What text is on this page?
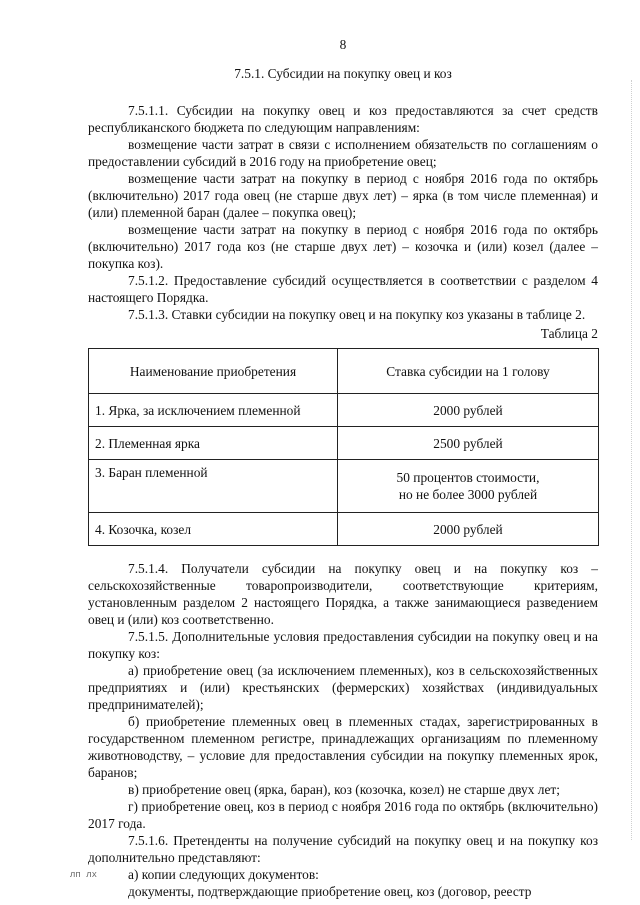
8
7.5.1. Субсидии на покупку овец и коз

7.5.1.1. Субсидии на покупку овец и коз предоставляются за счет средств республиканского бюджета по следующим направлениям:

возмещение части затрат в связи с исполнением обязательств по соглашениям о предоставлении субсидий в 2016 году на приобретение овец;

возмещение части затрат на покупку в период с ноября 2016 года по октябрь (включительно) 2017 года овец (не старше двух лет) – ярка (в том числе племенная) и (или) племенной баран (далее – покупка овец);

возмещение части затрат на покупку в период с ноября 2016 года по октябрь (включительно) 2017 года коз (не старше двух лет) – козочка и (или) козел (далее – покупка коз).

7.5.1.2. Предоставление субсидий осуществляется в соответствии с разделом 4 настоящего Порядка.

7.5.1.3. Ставки субсидии на покупку овец и на покупку коз указаны в таблице 2.

Таблица 2
Наименование приобретения	Ставка субсидии на 1 голову
1. Ярка, за исключением племенной	2000 рублей
2. Племенная ярка	2500 рублей
3. Баран племенной	50 процентов стоимости,
но не более 3000 рублей

4. Козочка, козел	2000 рублей

7.5.1.4. Получатели субсидии на покупку овец и на покупку коз – сельскохозяйственные товаропроизводители, соответствующие критериям, установленным разделом 2 настоящего Порядка, а также занимающиеся разведением овец и (или) коз соответственно.

7.5.1.5. Дополнительные условия предоставления субсидии на покупку овец и на покупку коз:

а) приобретение овец (за исключением племенных), коз в сельскохозяйственных предприятиях и (или) крестьянских (фермерских) хозяйствах (индивидуальных предпринимателей);

б) приобретение племенных овец в племенных стадах, зарегистрированных в государственном племенном регистре, принадлежащих организациям по племенному животноводству, – условие для предоставления субсидии на покупку племенных ярок, баранов;

в) приобретение овец (ярка, баран), коз (козочка, козел) не старше двух лет;

г) приобретение овец, коз в период с ноября 2016 года по октябрь (включительно) 2017 года.

7.5.1.6. Претенденты на получение субсидий на покупку овец и на покупку коз дополнительно представляют:

а) копии следующих документов:

документы, подтверждающие приобретение овец, коз (договор, реестр

лп лх
